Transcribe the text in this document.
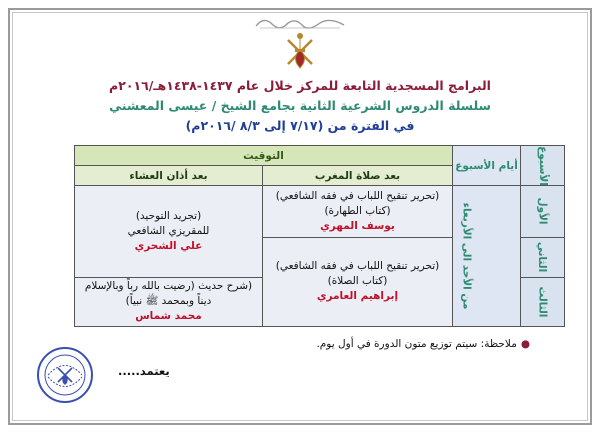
البرامج المسجدية التابعة للمركز خلال عام ١٤٣٧-١٤٣٨هـ/٢٠١٦م
سلسلة الدروس الشرعية الثانية بجامع الشيخ / عيسى المعشني
في الفترة من (٧/١٧ إلى ٨/٣ /٢٠١٦م)
الأسبوع	أيام الأسبوع	التوقيت	
		بعد صلاة المغرب	بعد أذان العشاء
الأول	من الأحد الى الأربعاء	(تحرير تنقيح اللباب في فقه الشافعي)
(كتاب الطهارة)
يوسف المهري	(تجريد التوحيد)
للمقريزي الشافعي
علي الشحري

الثاني		(تحرير تنقيح اللباب في فقه الشافعي)
(كتاب الصلاة)
إبراهيم العامري	

الثالث			(شرح حديث (رضيت بالله رباً وبالإسلام
ديناً وبمحمد ﷺ نبياً)
محمد شماس
●ملاحظة: سيتم توزيع متون الدورة في أول يوم.
يعتمد.....
